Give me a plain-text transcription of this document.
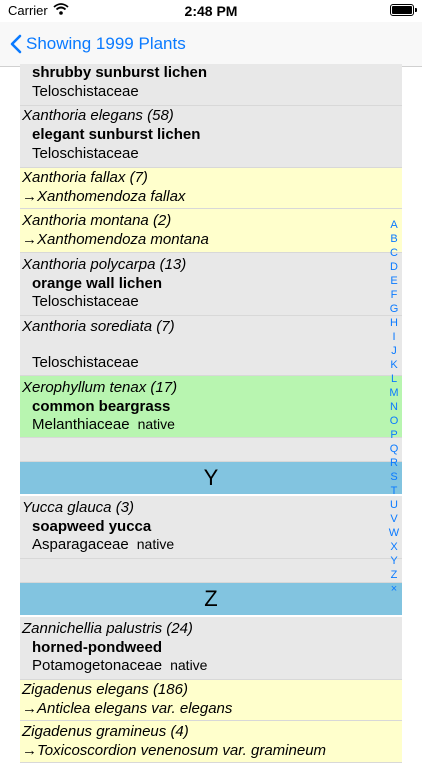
Carrier	2:48 PM
Showing 1999 Plants
shrubby sunburst lichen
Teloschistaceae
Xanthoria elegans (58)
elegant sunburst lichen
Teloschistaceae
Xanthoria fallax (7)
→Xanthomendoza fallax
Xanthoria montana (2)
→Xanthomendoza montana
Xanthoria polycarpa (13)
orange wall lichen
Teloschistaceae
Xanthoria sorediata (7)
Teloschistaceae
Xerophyllum tenax (17)
common beargrass
Melanthiaceae native
Y
Yucca glauca (3)
soapweed yucca
Asparagaceae native
Z
Zannichellia palustris (24)
horned-pondweed
Potamogetonaceae native
Zigadenus elegans (186)
→Anticlea elegans var. elegans
Zigadenus gramineus (4)
→Toxicoscordion venenosum var. gramineum
A
B
C
D
E
F
G
H
I
J
K
L
M
N
O
P
Q
R
S
T
U
V
W
X
Y
Z
×
